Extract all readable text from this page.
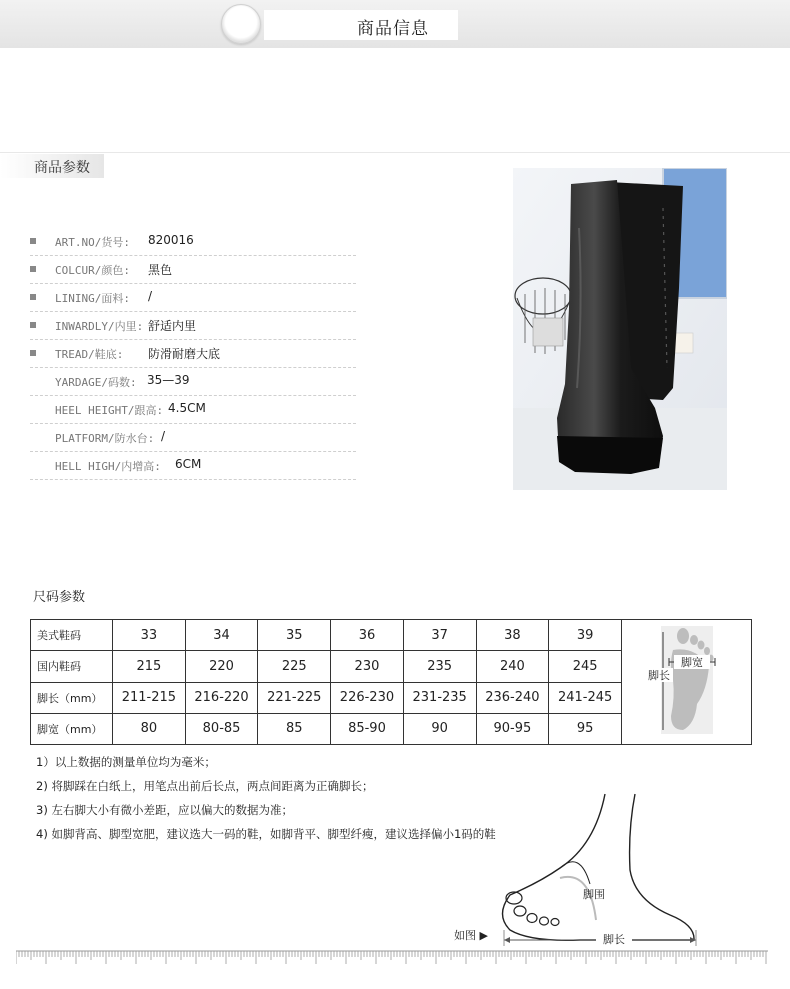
商品信息
商品参数
ART.NO/货号: 820016
COLCUR/颜色: 黑色
LINING/面料: /
INWARDLY/内里: 舒适内里
TREAD/鞋底: 防滑耐磨大底
YARDAGE/码数: 35—39
HEEL HEIGHT/跟高: 4.5CM
PLATFORM/防水台: /
HELL HIGH/内增高: 6CM
尺码参数
美式鞋码	33	34	35	36	37	38	39	脚宽
脚长

国内鞋码	215	220	225	230	235	240	245	
脚长（mm）	211-215	216-220	221-225	226-230	231-235	236-240	241-245	
脚宽（mm）	80	80-85	85	85-90	90	90-95	95	
1）以上数据的测量单位均为毫米；
2) 将脚踩在白纸上，用笔点出前后长点，两点间距离为正确脚长；
3) 左右脚大小有微小差距，应以偏大的数据为准；
4) 如脚背高、脚型宽肥，建议选大一码的鞋，如脚背平、脚型纤瘦，建议选择偏小1码的鞋
脚围
脚长
如图 ▶
